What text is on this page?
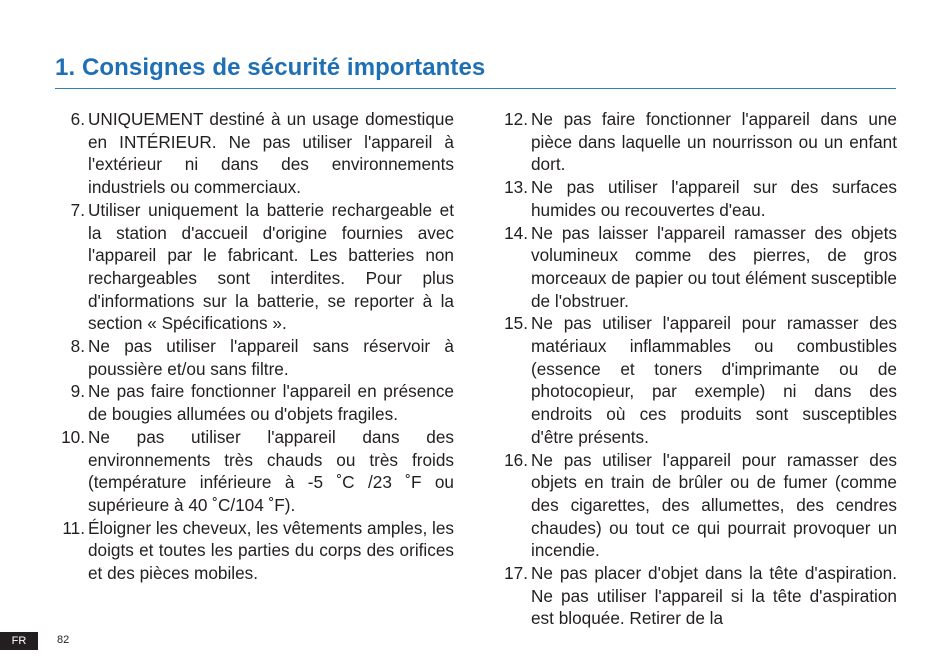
1. Consignes de sécurité importantes
6. UNIQUEMENT destiné à un usage domestique en INTÉRIEUR. Ne pas utiliser l'appareil à l'extérieur ni dans des environnements industriels ou commerciaux.
7. Utiliser uniquement la batterie rechargeable et la station d'accueil d'origine fournies avec l'appareil par le fabricant. Les batteries non rechargeables sont interdites. Pour plus d'informations sur la batterie, se reporter à la section « Spécifications ».
8. Ne pas utiliser l'appareil sans réservoir à poussière et/ou sans filtre.
9. Ne pas faire fonctionner l'appareil en présence de bougies allumées ou d'objets fragiles.
10. Ne pas utiliser l'appareil dans des environnements très chauds ou très froids (température inférieure à -5 ˚C /23 ˚F ou supérieure à 40 ˚C/104 ˚F).
11. Éloigner les cheveux, les vêtements amples, les doigts et toutes les parties du corps des orifices et des pièces mobiles.
12. Ne pas faire fonctionner l'appareil dans une pièce dans laquelle un nourrisson ou un enfant dort.
13. Ne pas utiliser l'appareil sur des surfaces humides ou recouvertes d'eau.
14. Ne pas laisser l'appareil ramasser des objets volumineux comme des pierres, de gros morceaux de papier ou tout élément susceptible de l'obstruer.
15. Ne pas utiliser l'appareil pour ramasser des matériaux inflammables ou combustibles (essence et toners d'imprimante ou de photocopieur, par exemple) ni dans des endroits où ces produits sont susceptibles d'être présents.
16. Ne pas utiliser l'appareil pour ramasser des objets en train de brûler ou de fumer (comme des cigarettes, des allumettes, des cendres chaudes) ou tout ce qui pourrait provoquer un incendie.
17. Ne pas placer d'objet dans la tête d'aspiration. Ne pas utiliser l'appareil si la tête d'aspiration est bloquée. Retirer de la
FR	82
